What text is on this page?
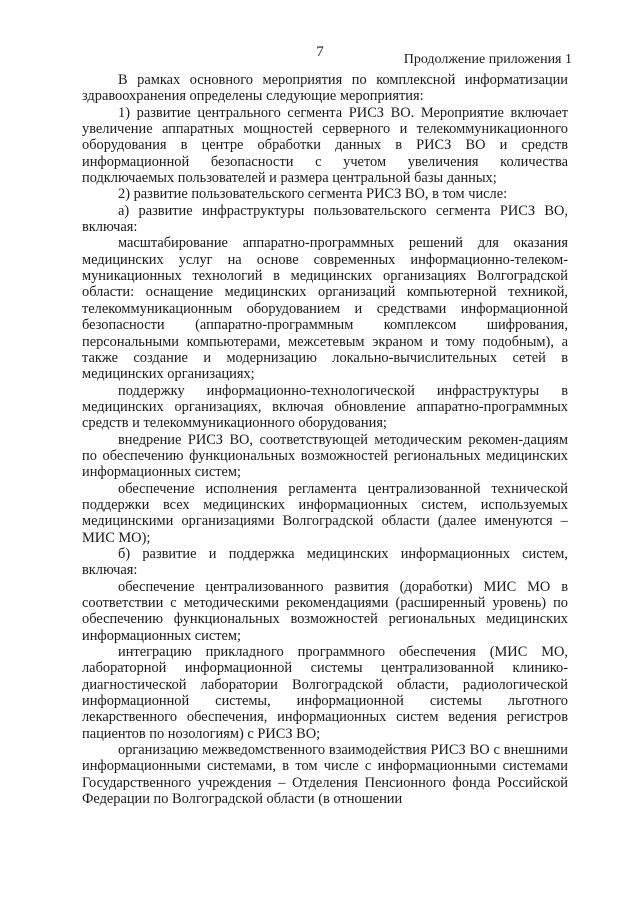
7	Продолжение приложения 1

В рамках основного мероприятия по комплексной информатизации здравоохранения определены следующие мероприятия:

1) развитие центрального сегмента РИСЗ ВО. Мероприятие включает увеличение аппаратных мощностей серверного и телекоммуникационного оборудования в центре обработки данных в РИСЗ ВО и средств информационной безопасности с учетом увеличения количества подключаемых пользователей и размера центральной базы данных;

2) развитие пользовательского сегмента РИСЗ ВО, в том числе:

а) развитие инфраструктуры пользовательского сегмента РИСЗ ВО, включая:

масштабирование аппаратно-программных решений для оказания медицинских услуг на основе современных информационно-телеком-муникационных технологий в медицинских организациях Волгоградской области: оснащение медицинских организаций компьютерной техникой, телекоммуникационным оборудованием и средствами информационной безопасности (аппаратно-программным комплексом шифрования, персональными компьютерами, межсетевым экраном и тому подобным), а также создание и модернизацию локально-вычислительных сетей в медицинских организациях;

поддержку информационно-технологической инфраструктуры в медицинских организациях, включая обновление аппаратно-программных средств и телекоммуникационного оборудования;

внедрение РИСЗ ВО, соответствующей методическим рекомен-дациям по обеспечению функциональных возможностей региональных медицинских информационных систем;

обеспечение исполнения регламента централизованной технической поддержки всех медицинских информационных систем, используемых медицинскими организациями Волгоградской области (далее именуются – МИС МО);

б) развитие и поддержка медицинских информационных систем, включая:

обеспечение централизованного развития (доработки) МИС МО в соответствии с методическими рекомендациями (расширенный уровень) по обеспечению функциональных возможностей региональных медицинских информационных систем;

интеграцию прикладного программного обеспечения (МИС МО, лабораторной информационной системы централизованной клинико-диагностической лаборатории Волгоградской области, радиологической информационной системы, информационной системы льготного лекарственного обеспечения, информационных систем ведения регистров пациентов по нозологиям) с РИСЗ ВО;

организацию межведомственного взаимодействия РИСЗ ВО с внешними информационными системами, в том числе с информационными системами Государственного учреждения – Отделения Пенсионного фонда Российской Федерации по Волгоградской области (в отношении
